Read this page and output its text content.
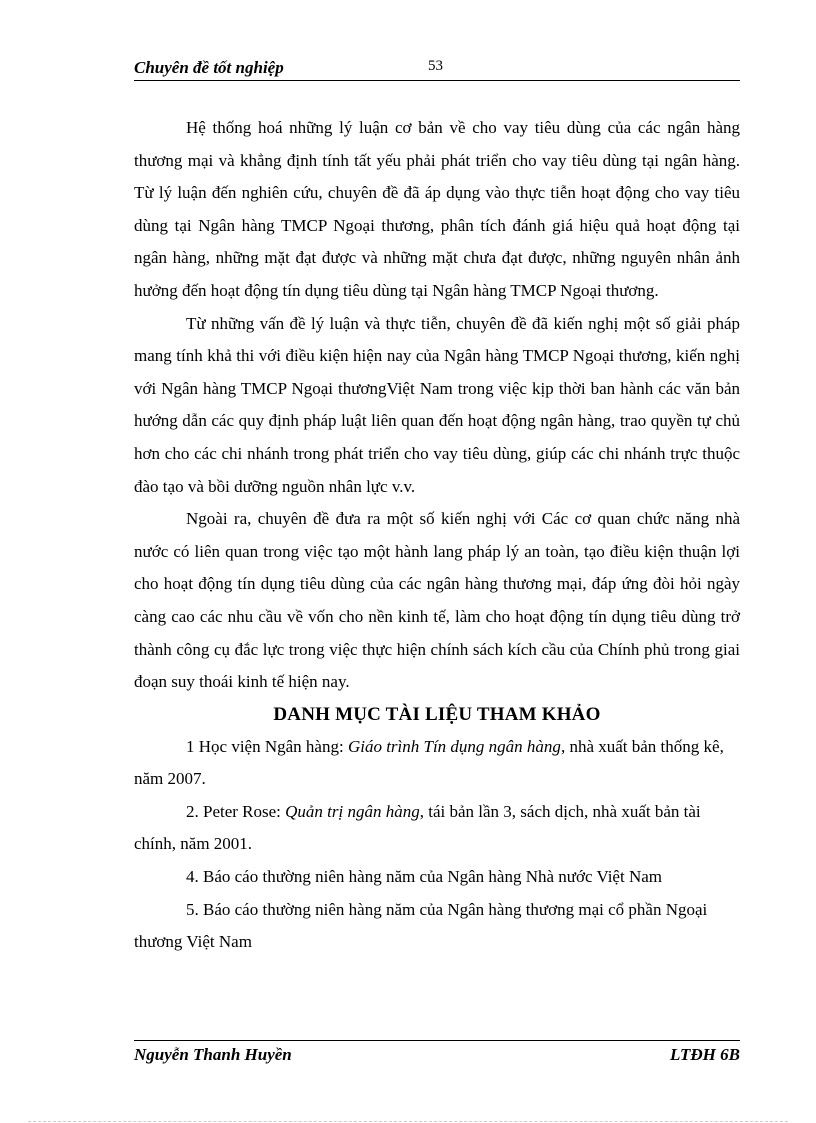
Chuyên đề tốt nghiệp	53

Hệ thống hoá những lý luận cơ bản về cho vay tiêu dùng của các ngân hàng thương mại và khẳng định tính tất yếu phải phát triển cho vay tiêu dùng tại ngân hàng. Từ lý luận đến nghiên cứu, chuyên đề đã áp dụng vào thực tiễn hoạt động cho vay tiêu dùng tại Ngân hàng TMCP Ngoại thương, phân tích đánh giá hiệu quả hoạt động tại ngân hàng, những mặt đạt được và những mặt chưa đạt được, những nguyên nhân ảnh hưởng đến hoạt động tín dụng tiêu dùng tại Ngân hàng TMCP Ngoại thương.

Từ những vấn đề lý luận và thực tiễn, chuyên đề đã kiến nghị một số giải pháp mang tính khả thi với điều kiện hiện nay của Ngân hàng TMCP Ngoại thương, kiến nghị với Ngân hàng TMCP Ngoại thươngViệt Nam trong việc kịp thời ban hành các văn bản hướng dẫn các quy định pháp luật liên quan đến hoạt động ngân hàng, trao quyền tự chủ hơn cho các chi nhánh trong phát triển cho vay tiêu dùng, giúp các chi nhánh trực thuộc đào tạo và bồi dưỡng nguồn nhân lực v.v.

Ngoài ra, chuyên đề đưa ra một số kiến nghị với Các cơ quan chức năng nhà nước có liên quan trong việc tạo một hành lang pháp lý an toàn, tạo điều kiện thuận lợi cho hoạt động tín dụng tiêu dùng của các ngân hàng thương mại, đáp ứng đòi hỏi ngày càng cao các nhu cầu về vốn cho nền kinh tế, làm cho hoạt động tín dụng tiêu dùng trở thành công cụ đắc lực trong việc thực hiện chính sách kích cầu của Chính phủ trong giai đoạn suy thoái kinh tế hiện nay.

DANH MỤC TÀI LIỆU THAM KHẢO

1 Học viện Ngân hàng: Giáo trình Tín dụng ngân hàng, nhà xuất bản thống kê, năm 2007.

2. Peter Rose: Quản trị ngân hàng, tái bản lần 3, sách dịch, nhà xuất bản tài chính, năm 2001.

4. Báo cáo thường niên hàng năm của Ngân hàng Nhà nước Việt Nam

5. Báo cáo thường niên hàng năm của Ngân hàng thương mại cổ phần Ngoại thương Việt Nam

Nguyễn Thanh Huyền	LTĐH 6B
